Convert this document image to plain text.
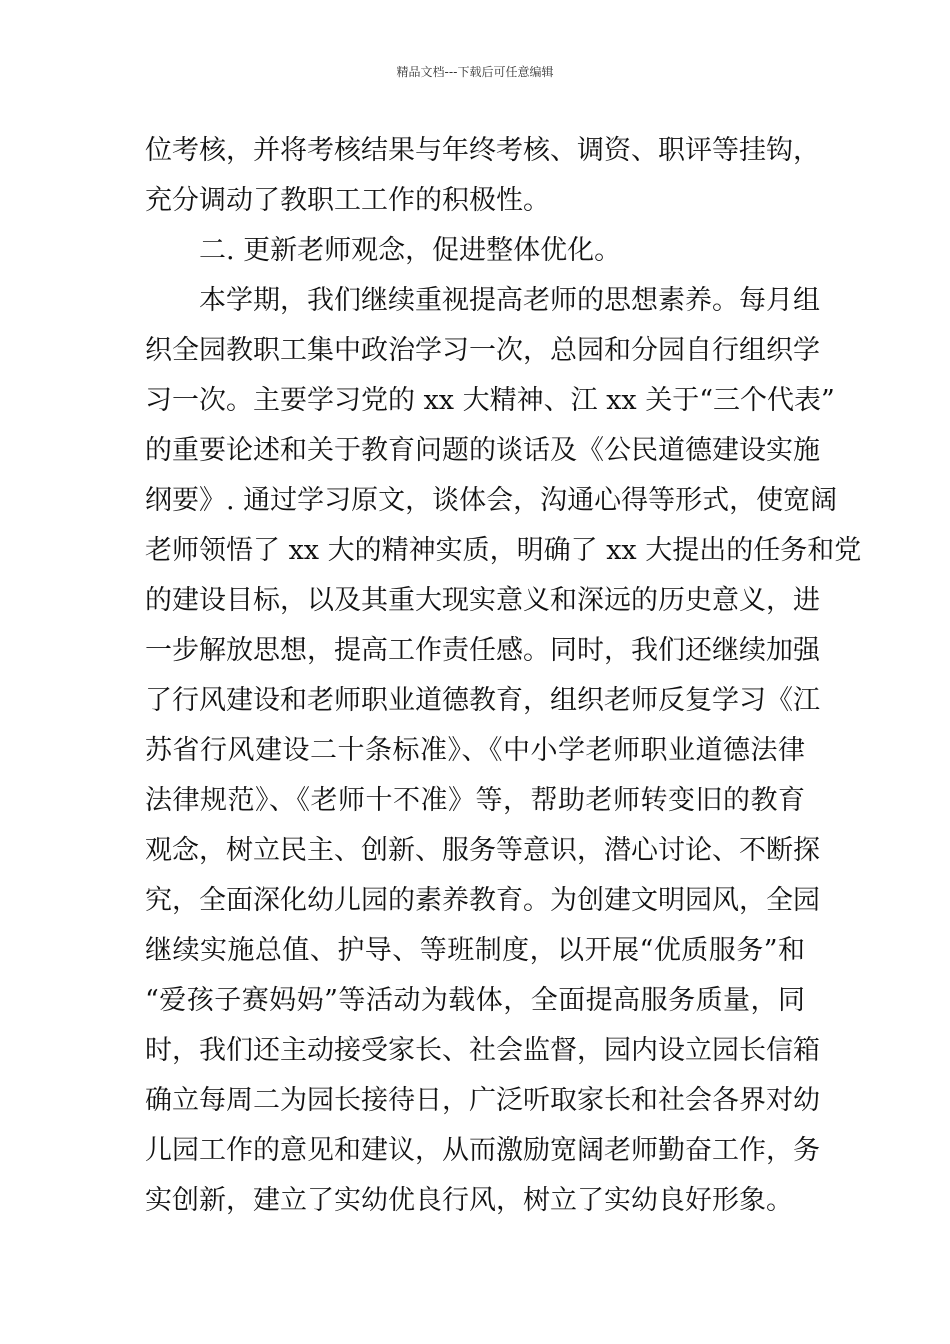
精品文档---下载后可任意编辑
位考核，并将考核结果与年终考核、调资、职评等挂钩，
充分调动了教职工工作的积极性。
二. 更新老师观念，促进整体优化。
本学期，我们继续重视提高老师的思想素养。每月组
织全园教职工集中政治学习一次，总园和分园自行组织学
习一次。主要学习党的 xx 大精神、江 xx 关于“三个代表”
的重要论述和关于教育问题的谈话及《公民道德建设实施
纲要》. 通过学习原文，谈体会，沟通心得等形式，使宽阔
老师领悟了 xx 大的精神实质，明确了 xx 大提出的任务和党
的建设目标，以及其重大现实意义和深远的历史意义，进
一步解放思想，提高工作责任感。同时，我们还继续加强
了行风建设和老师职业道德教育，组织老师反复学习《江
苏省行风建设二十条标准》、《中小学老师职业道德法律
法律规范》、《老师十不准》等，帮助老师转变旧的教育
观念，树立民主、创新、服务等意识，潜心讨论、不断探
究，全面深化幼儿园的素养教育。为创建文明园风，全园
继续实施总值、护导、等班制度，以开展“优质服务”和
“爱孩子赛妈妈”等活动为载体，全面提高服务质量，同
时，我们还主动接受家长、社会监督，园内设立园长信箱
确立每周二为园长接待日，广泛听取家长和社会各界对幼
儿园工作的意见和建议，从而激励宽阔老师勤奋工作，务
实创新，建立了实幼优良行风，树立了实幼良好形象。
